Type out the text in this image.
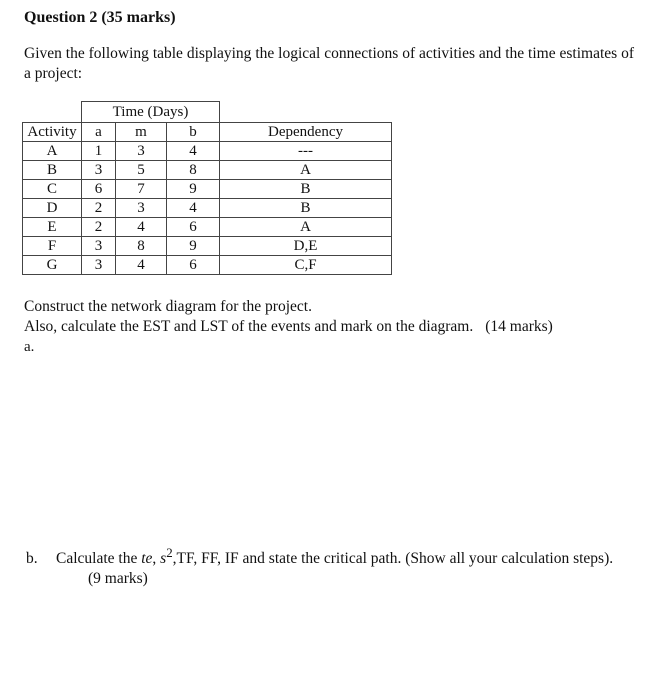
Question 2 (35 marks)
Given the following table displaying the logical connections of activities and the time estimates of a project:
	Time (Days)			
Activity	a	m	b	Dependency
A	1	3	4	---
B	3	5	8	A
C	6	7	9	B
D	2	3	4	B
E	2	4	6	A
F	3	8	9	D,E
G	3	4	6	C,F
Construct the network diagram for the project.
Also, calculate the EST and LST of the events and mark on the diagram. (14 marks)
a.
b. Calculate the te, $s^2,TF$, FF, IF and state the critical path. (Show all your calculation steps).
(9 marks)
